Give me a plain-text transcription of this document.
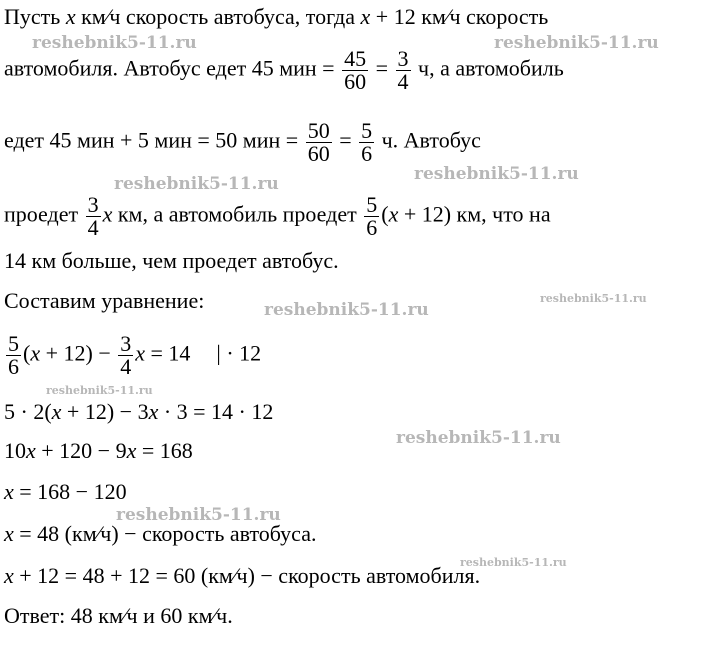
Пусть x км⁄ч скорость автобуса, тогда x + 12 км⁄ч скорость
автомобиля. Автобус едет 45 мин = $\frac{45}{60} = \frac{3}{4} ч$, а автомобиль
едет 45 мин + 5 мин = 50 мин = $\frac{50}{60} = \frac{5}{6} ч$. Автобус
проедет $\frac{3}{4}$ x км, а автомобиль проедет $\frac{5}{6} (x + 12)$ км, что на
14 км больше, чем проедет автобус.
Составим уравнение:
$\frac{5}{6} (x + 12) - \frac{3}{4}$ x = 14 | · 12
5 · 2(x + 12) − 3x · 3 = 14 · 12
10x + 120 − 9x = 168
x = 168 − 120
x = 48 (км⁄ч) − скорость автобуса.
x + 12 = 48 + 12 = 60 (км⁄ч) − скорость автомобиля.
Ответ: 48 км⁄ч и 60 км⁄ч.
reshebnik5-11.ru	reshebnik5-11.ru
reshebnik5-11.ru
reshebnik5-11.ru
reshebnik5-11.ru
reshebnik5-11.ru
reshebnik5-11.ru
reshebnik5-11.ru
reshebnik5-11.ru
reshebnik5-11.ru
